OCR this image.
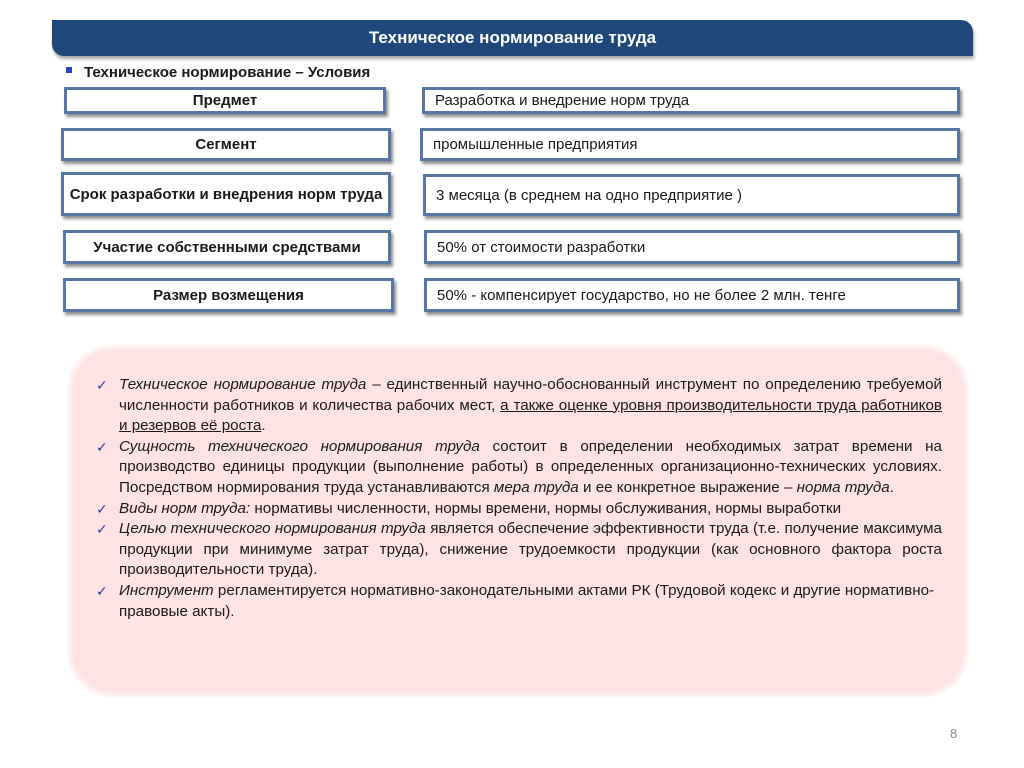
Техническое нормирование труда
Техническое нормирование – Условия
Предмет	Разработка и внедрение норм труда
Сегмент	промышленные предприятия
Срок разработки и внедрения норм труда	3 месяца (в среднем на одно предприятие )
Участие собственными средствами	50% от стоимости разработки
Размер возмещения	50% - компенсирует государство, но не более 2 млн. тенге
✓ Техническое нормирование труда – единственный научно-обоснованный инструмент по определению требуемой численности работников и количества рабочих мест, а также оценке уровня производительности труда работников и резервов её роста.
✓ Сущность технического нормирования труда состоит в определении необходимых затрат времени на производство единицы продукции (выполнение работы) в определенных организационно-технических условиях. Посредством нормирования труда устанавливаются мера труда и ее конкретное выражение – норма труда.
✓ Виды норм труда: нормативы численности, нормы времени, нормы обслуживания, нормы выработки
✓ Целью технического нормирования труда является обеспечение эффективности труда (т.е. получение максимума продукции при минимуме затрат труда), снижение трудоемкости продукции (как основного фактора роста производительности труда).
✓ Инструмент регламентируется нормативно-законодательными актами РК (Трудовой кодекс и другие нормативно-правовые акты).
8
